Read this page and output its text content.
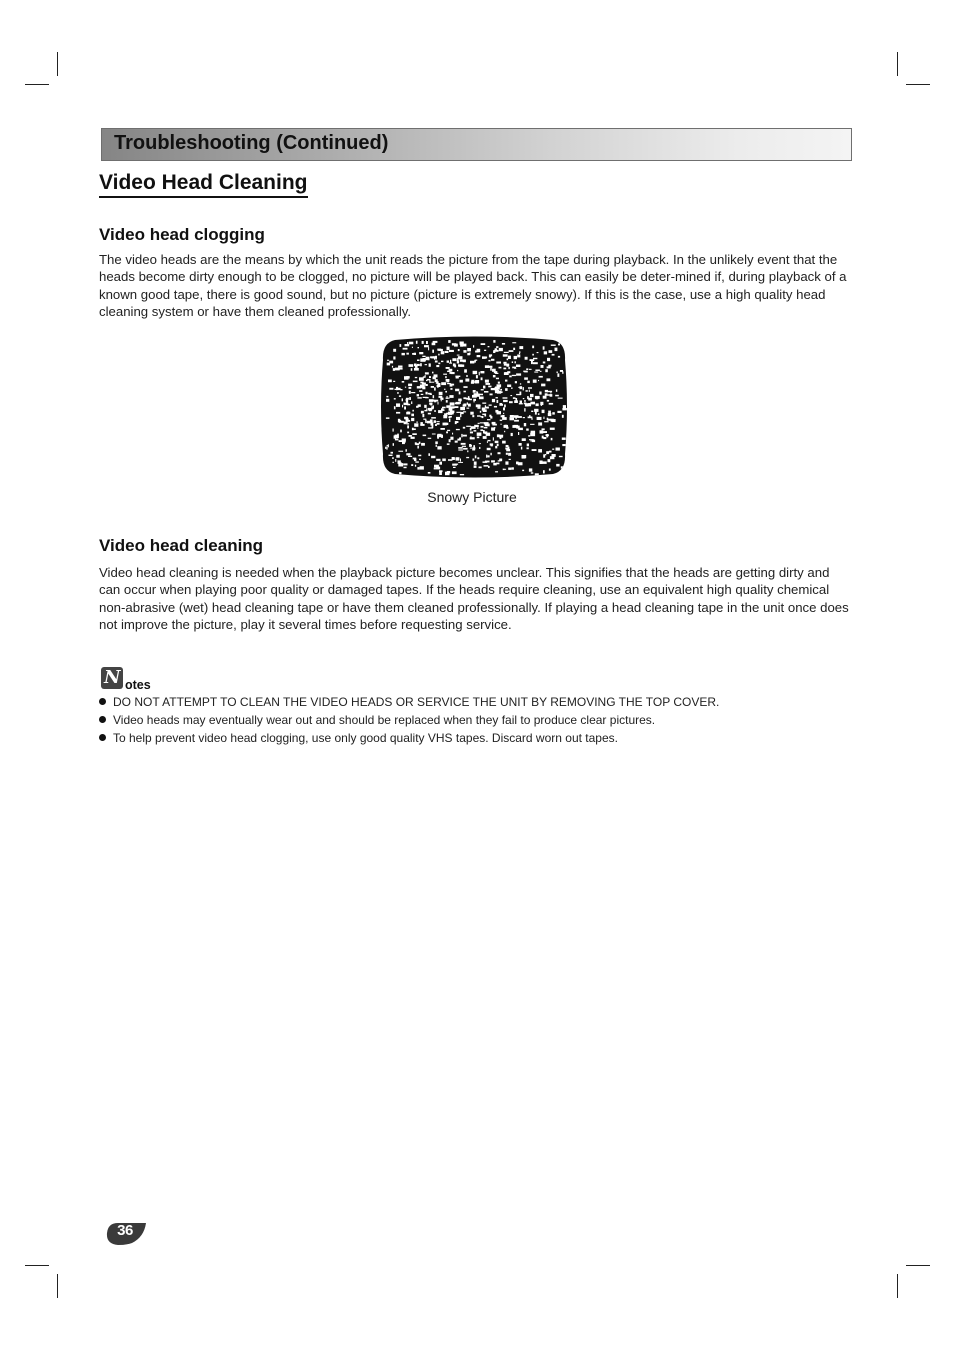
Troubleshooting (Continued)
Video Head Cleaning
Video head clogging
The video heads are the means by which the unit reads the picture from the tape during playback. In the unlikely event that the heads become dirty enough to be clogged, no picture will be played back. This can easily be deter-mined if, during playback of a known good tape, there is good sound, but no picture (picture is extremely snowy). If this is the case, use a high quality head cleaning system or have them cleaned professionally.
Snowy Picture
Video head cleaning
Video head cleaning is needed when the playback picture becomes unclear. This signifies that the heads are getting dirty and can occur when playing poor quality or damaged tapes. If the heads require cleaning, use an equivalent high quality chemical non-abrasive (wet) head cleaning tape or have them cleaned professionally. If playing a head cleaning tape in the unit once does not improve the picture, play it several times before requesting service.
N otes
DO NOT ATTEMPT TO CLEAN THE VIDEO HEADS OR SERVICE THE UNIT BY REMOVING THE TOP COVER.
Video heads may eventually wear out and should be replaced when they fail to produce clear pictures.
To help prevent video head clogging, use only good quality VHS tapes. Discard worn out tapes.
36
